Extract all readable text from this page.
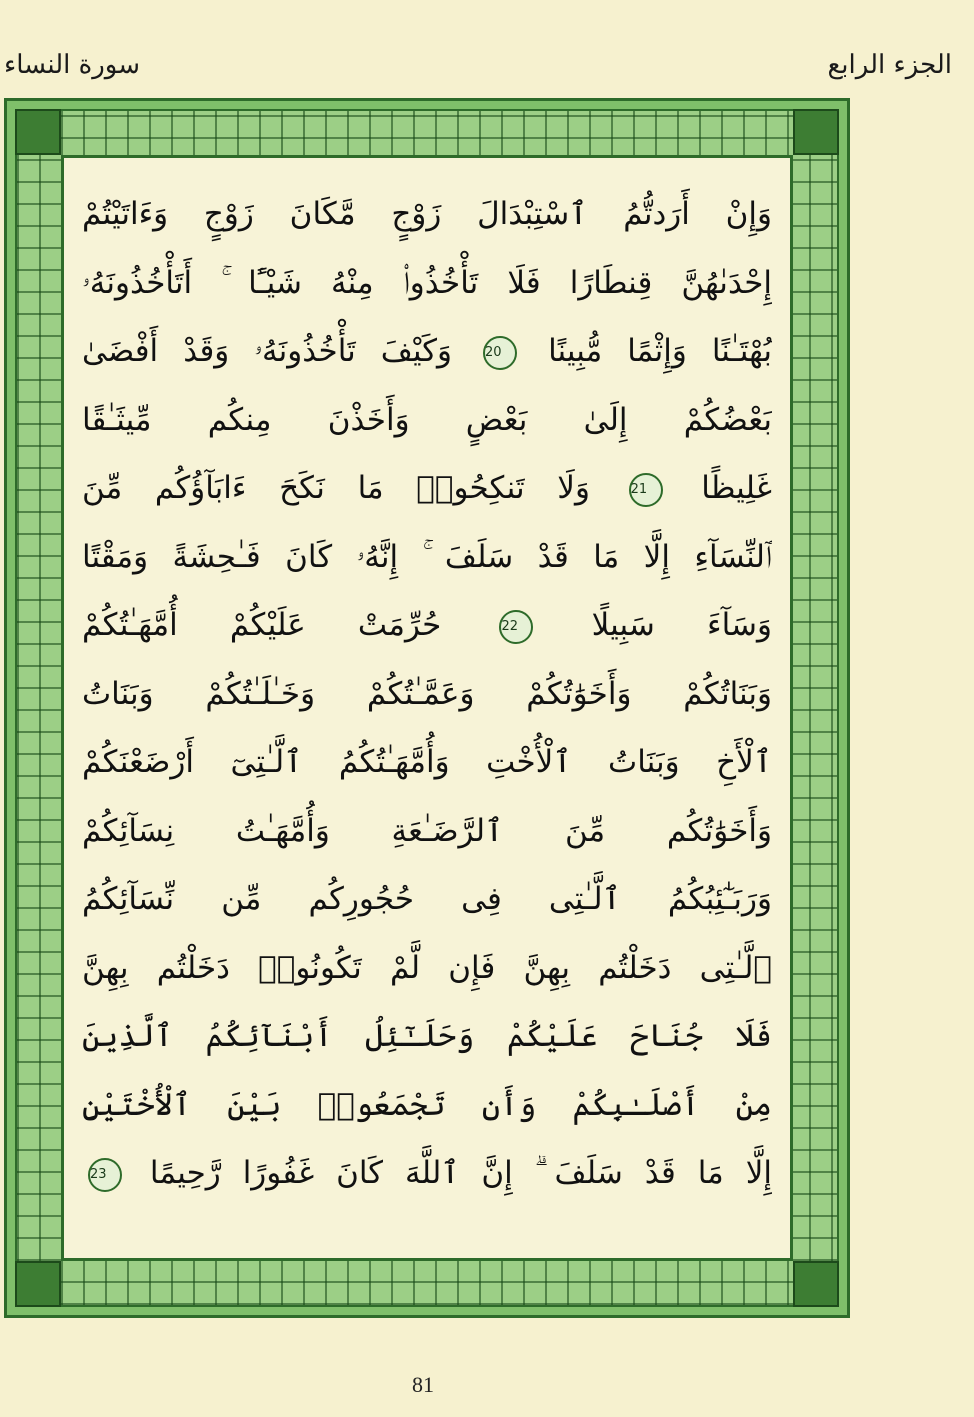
الجزء الرابع
سورة النساء
وَإِنْ أَرَدتُّمُ ٱسْتِبْدَالَ زَوْجٍ مَّكَانَ زَوْجٍ وَءَاتَيْتُمْ
إِحْدَىٰهُنَّ قِنطَارًا فَلَا تَأْخُذُوا۟ مِنْهُ شَيْـًٔا ۚ أَتَأْخُذُونَهُۥ
بُهْتَـٰنًا وَإِثْمًا مُّبِينًا 20 وَكَيْفَ تَأْخُذُونَهُۥ وَقَدْ أَفْضَىٰ
بَعْضُكُمْ إِلَىٰ بَعْضٍ وَأَخَذْنَ مِنكُم مِّيثَـٰقًا
غَلِيظًا 21 وَلَا تَنكِحُوا۟ مَا نَكَحَ ءَابَآؤُكُم مِّنَ
ٱلنِّسَآءِ إِلَّا مَا قَدْ سَلَفَ ۚ إِنَّهُۥ كَانَ فَـٰحِشَةً وَمَقْتًا
وَسَآءَ سَبِيلًا 22 حُرِّمَتْ عَلَيْكُمْ أُمَّهَـٰتُكُمْ
وَبَنَاتُكُمْ وَأَخَوَٰتُكُمْ وَعَمَّـٰتُكُمْ وَخَـٰلَـٰتُكُمْ وَبَنَاتُ
ٱلْأَخِ وَبَنَاتُ ٱلْأُخْتِ وَأُمَّهَـٰتُكُمُ ٱلَّـٰتِىٓ أَرْضَعْنَكُمْ
وَأَخَوَٰتُكُم مِّنَ ٱلرَّضَـٰعَةِ وَأُمَّهَـٰتُ نِسَآئِكُمْ
وَرَبَـٰٓئِبُكُمُ ٱلَّـٰتِى فِى حُجُورِكُم مِّن نِّسَآئِكُمُ
ٱلَّـٰتِى دَخَلْتُم بِهِنَّ فَإِن لَّمْ تَكُونُوا۟ دَخَلْتُم بِهِنَّ
فَلَا جُنَاحَ عَلَيْكُمْ وَحَلَـٰٓئِلُ أَبْنَآئِكُمُ ٱلَّذِينَ
مِنْ أَصْلَـٰبِكُمْ وَأَن تَجْمَعُوا۟ بَيْنَ ٱلْأُخْتَيْنِ
إِلَّا مَا قَدْ سَلَفَ ۗ إِنَّ ٱللَّهَ كَانَ غَفُورًا رَّحِيمًا 23
81
